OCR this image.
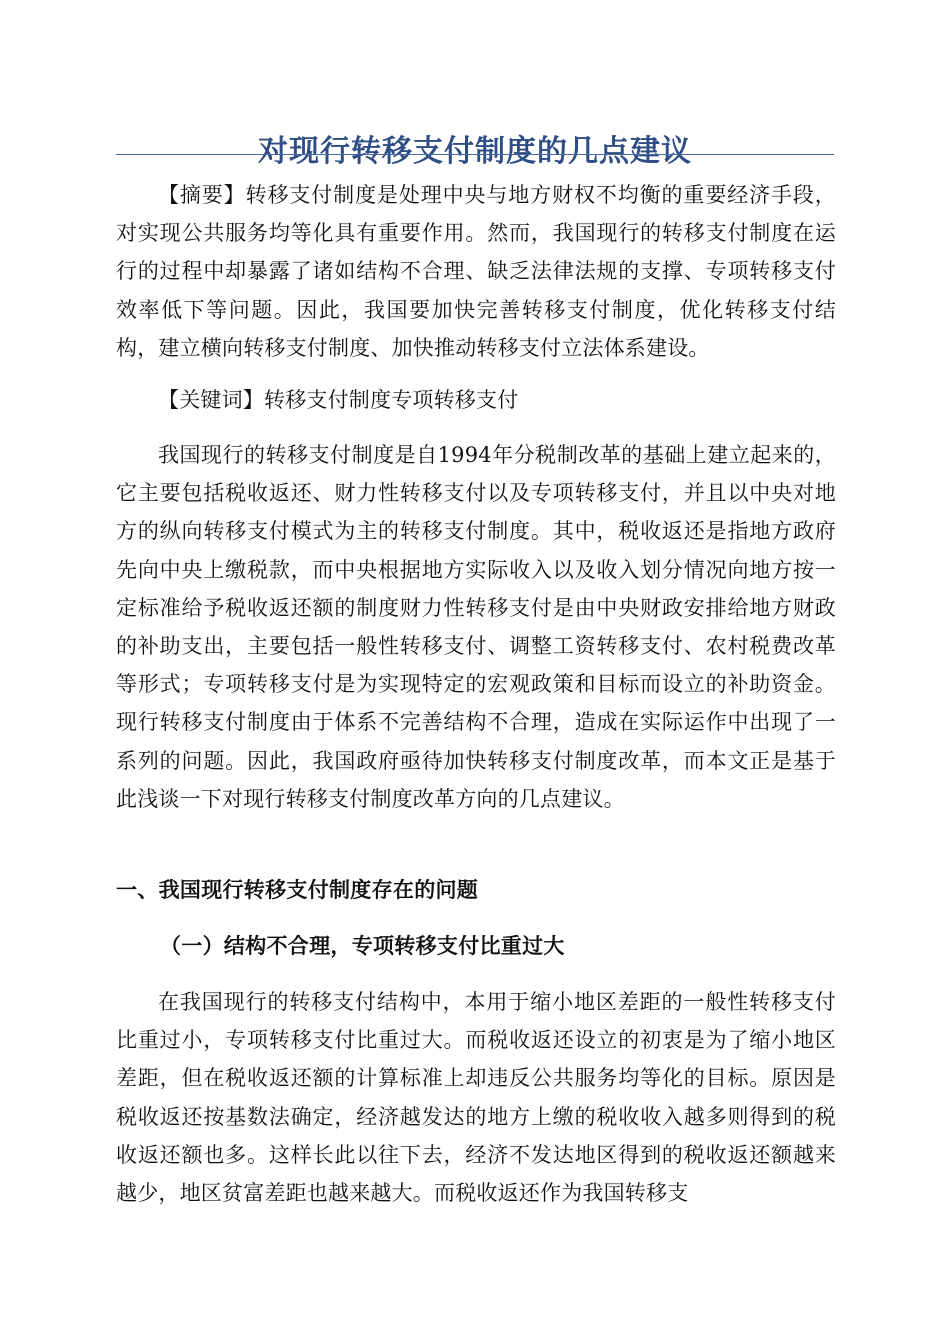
对现行转移支付制度的几点建议

【摘要】转移支付制度是处理中央与地方财权不均衡的重要经济手段，对实现公共服务均等化具有重要作用。然而，我国现行的转移支付制度在运行的过程中却暴露了诸如结构不合理、缺乏法律法规的支撑、专项转移支付效率低下等问题。因此，我国要加快完善转移支付制度，优化转移支付结构，建立横向转移支付制度、加快推动转移支付立法体系建设。

【关键词】转移支付制度专项转移支付

我国现行的转移支付制度是自1994年分税制改革的基础上建立起来的，它主要包括税收返还、财力性转移支付以及专项转移支付，并且以中央对地方的纵向转移支付模式为主的转移支付制度。其中，税收返还是指地方政府先向中央上缴税款，而中央根据地方实际收入以及收入划分情况向地方按一定标准给予税收返还额的制度财力性转移支付是由中央财政安排给地方财政的补助支出，主要包括一般性转移支付、调整工资转移支付、农村税费改革等形式；专项转移支付是为实现特定的宏观政策和目标而设立的补助资金。现行转移支付制度由于体系不完善结构不合理，造成在实际运作中出现了一系列的问题。因此，我国政府亟待加快转移支付制度改革，而本文正是基于此浅谈一下对现行转移支付制度改革方向的几点建议。

一、我国现行转移支付制度存在的问题
（一）结构不合理，专项转移支付比重过大

在我国现行的转移支付结构中，本用于缩小地区差距的一般性转移支付比重过小，专项转移支付比重过大。而税收返还设立的初衷是为了缩小地区差距，但在税收返还额的计算标准上却违反公共服务均等化的目标。原因是税收返还按基数法确定，经济越发达的地方上缴的税收收入越多则得到的税收返还额也多。这样长此以往下去，经济不发达地区得到的税收返还额越来越少，地区贫富差距也越来越大。而税收返还作为我国转移支
